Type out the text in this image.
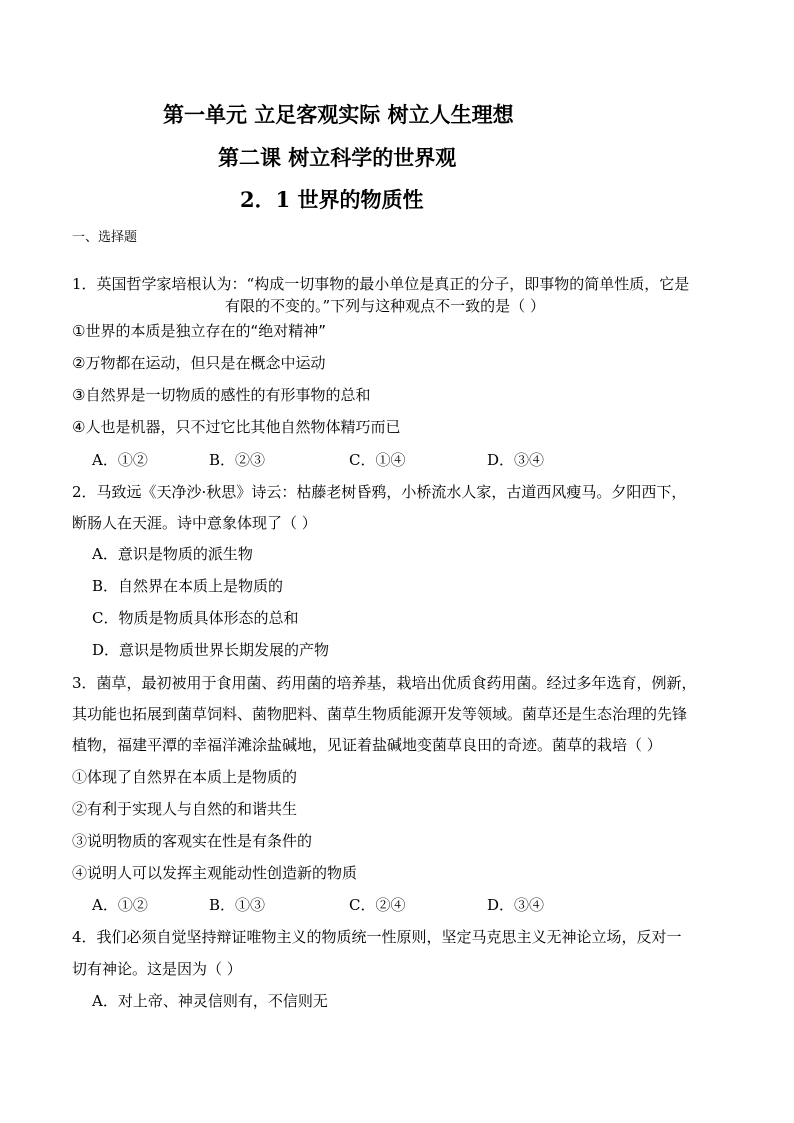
第一单元 立足客观实际 树立人生理想
第二课 树立科学的世界观
2．1 世界的物质性
一、选择题
1．英国哲学家培根认为：“构成一切事物的最小单位是真正的分子，即事物的简单性质，它是
有限的不变的。”下列与这种观点不一致的是（ ）
①世界的本质是独立存在的“绝对精神”
②万物都在运动，但只是在概念中运动
③自然界是一切物质的感性的有形事物的总和
④人也是机器，只不过它比其他自然物体精巧而已
A．①②	B．②③	C．①④	D．③④
2．马致远《天净沙·秋思》诗云：枯藤老树昏鸦，小桥流水人家，古道西风瘦马。夕阳西下，
断肠人在天涯。诗中意象体现了（ ）
A．意识是物质的派生物
B．自然界在本质上是物质的
C．物质是物质具体形态的总和
D．意识是物质世界长期发展的产物
3．菌草，最初被用于食用菌、药用菌的培养基，栽培出优质食药用菌。经过多年选育，例新，
其功能也拓展到菌草饲料、菌物肥料、菌草生物质能源开发等领域。菌草还是生态治理的先锋
植物，福建平潭的幸福洋滩涂盐碱地，见证着盐碱地变菌草良田的奇迹。菌草的栽培（ ）
①体现了自然界在本质上是物质的
②有利于实现人与自然的和谐共生
③说明物质的客观实在性是有条件的
④说明人可以发挥主观能动性创造新的物质
A．①②	B．①③	C．②④	D．③④
4．我们必须自觉坚持辩证唯物主义的物质统一性原则，坚定马克思主义无神论立场，反对一
切有神论。这是因为（ ）
A．对上帝、神灵信则有，不信则无
